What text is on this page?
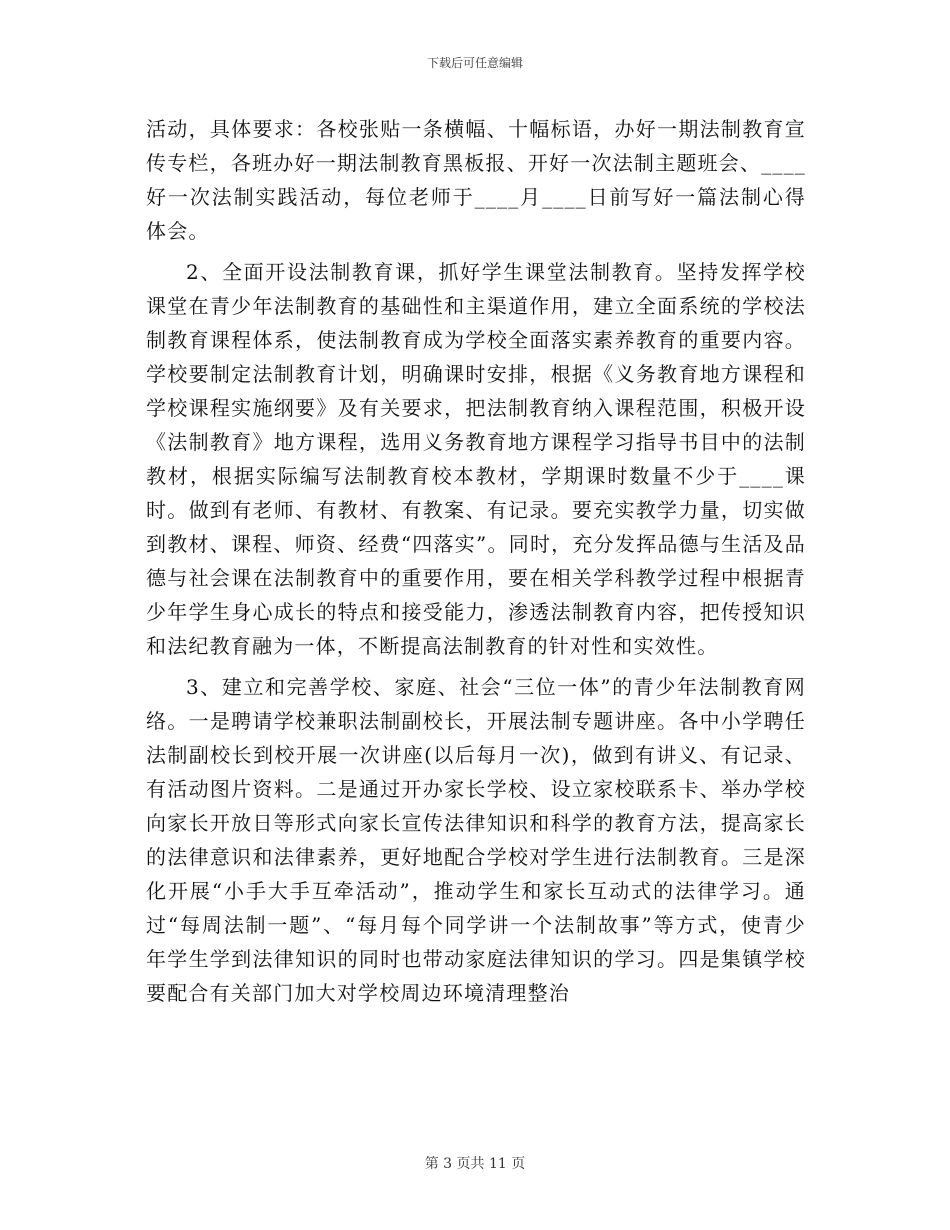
下载后可任意编辑

活动，具体要求：各校张贴一条横幅、十幅标语，办好一期法制教育宣传专栏，各班办好一期法制教育黑板报、开好一次法制主题班会、____好一次法制实践活动，每位老师于____月____日前写好一篇法制心得体会。

2、全面开设法制教育课，抓好学生课堂法制教育。坚持发挥学校课堂在青少年法制教育的基础性和主渠道作用，建立全面系统的学校法制教育课程体系，使法制教育成为学校全面落实素养教育的重要内容。学校要制定法制教育计划，明确课时安排，根据《义务教育地方课程和学校课程实施纲要》及有关要求，把法制教育纳入课程范围，积极开设《法制教育》地方课程，选用义务教育地方课程学习指导书目中的法制教材，根据实际编写法制教育校本教材，学期课时数量不少于____课时。做到有老师、有教材、有教案、有记录。要充实教学力量，切实做到教材、课程、师资、经费“四落实”。同时，充分发挥品德与生活及品德与社会课在法制教育中的重要作用，要在相关学科教学过程中根据青少年学生身心成长的特点和接受能力，渗透法制教育内容，把传授知识和法纪教育融为一体，不断提高法制教育的针对性和实效性。

3、建立和完善学校、家庭、社会“三位一体”的青少年法制教育网络。一是聘请学校兼职法制副校长，开展法制专题讲座。各中小学聘任法制副校长到校开展一次讲座(以后每月一次)，做到有讲义、有记录、有活动图片资料。二是通过开办家长学校、设立家校联系卡、举办学校向家长开放日等形式向家长宣传法律知识和科学的教育方法，提高家长的法律意识和法律素养，更好地配合学校对学生进行法制教育。三是深化开展“小手大手互牵活动”，推动学生和家长互动式的法律学习。通过“每周法制一题”、“每月每个同学讲一个法制故事”等方式，使青少年学生学到法律知识的同时也带动家庭法律知识的学习。四是集镇学校要配合有关部门加大对学校周边环境清理整治

第 3 页共 11 页
